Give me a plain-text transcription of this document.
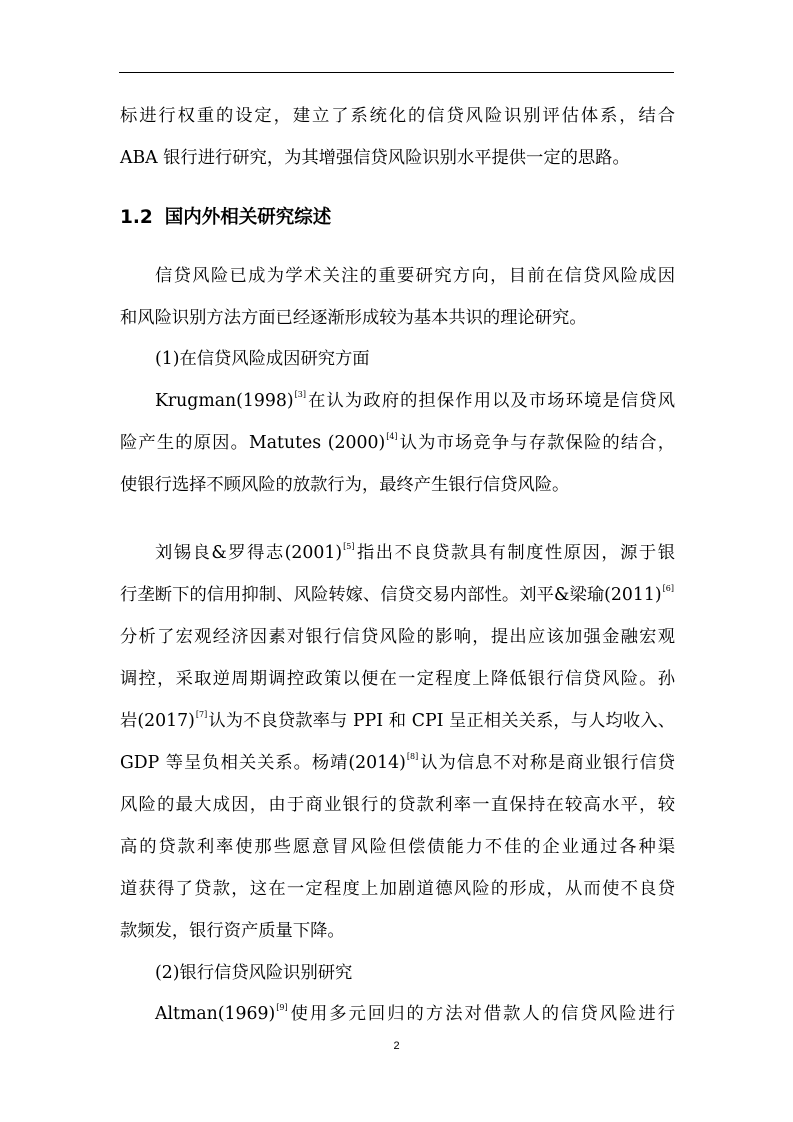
标进行权重的设定，建立了系统化的信贷风险识别评估体系，结合
ABA 银行进行研究，为其增强信贷风险识别水平提供一定的思路。
1.2 国内外相关研究综述
信贷风险已成为学术关注的重要研究方向，目前在信贷风险成因
和风险识别方法方面已经逐渐形成较为基本共识的理论研究。
(1)在信贷风险成因研究方面
Krugman(1998)[3]在认为政府的担保作用以及市场环境是信贷风
险产生的原因。Matutes (2000)[4]认为市场竞争与存款保险的结合，
使银行选择不顾风险的放款行为，最终产生银行信贷风险。
刘锡良&罗得志(2001)[5]指出不良贷款具有制度性原因，源于银
行垄断下的信用抑制、风险转嫁、信贷交易内部性。刘平&梁瑜(2011)[6]
分析了宏观经济因素对银行信贷风险的影响，提出应该加强金融宏观
调控，采取逆周期调控政策以便在一定程度上降低银行信贷风险。孙
岩(2017)[7]认为不良贷款率与 PPI 和 CPI 呈正相关关系，与人均收入、
GDP 等呈负相关关系。杨靖(2014)[8]认为信息不对称是商业银行信贷
风险的最大成因，由于商业银行的贷款利率一直保持在较高水平，较
高的贷款利率使那些愿意冒风险但偿债能力不佳的企业通过各种渠
道获得了贷款，这在一定程度上加剧道德风险的形成，从而使不良贷
款频发，银行资产质量下降。
(2)银行信贷风险识别研究
Altman(1969)[9]使用多元回归的方法对借款人的信贷风险进行
2
